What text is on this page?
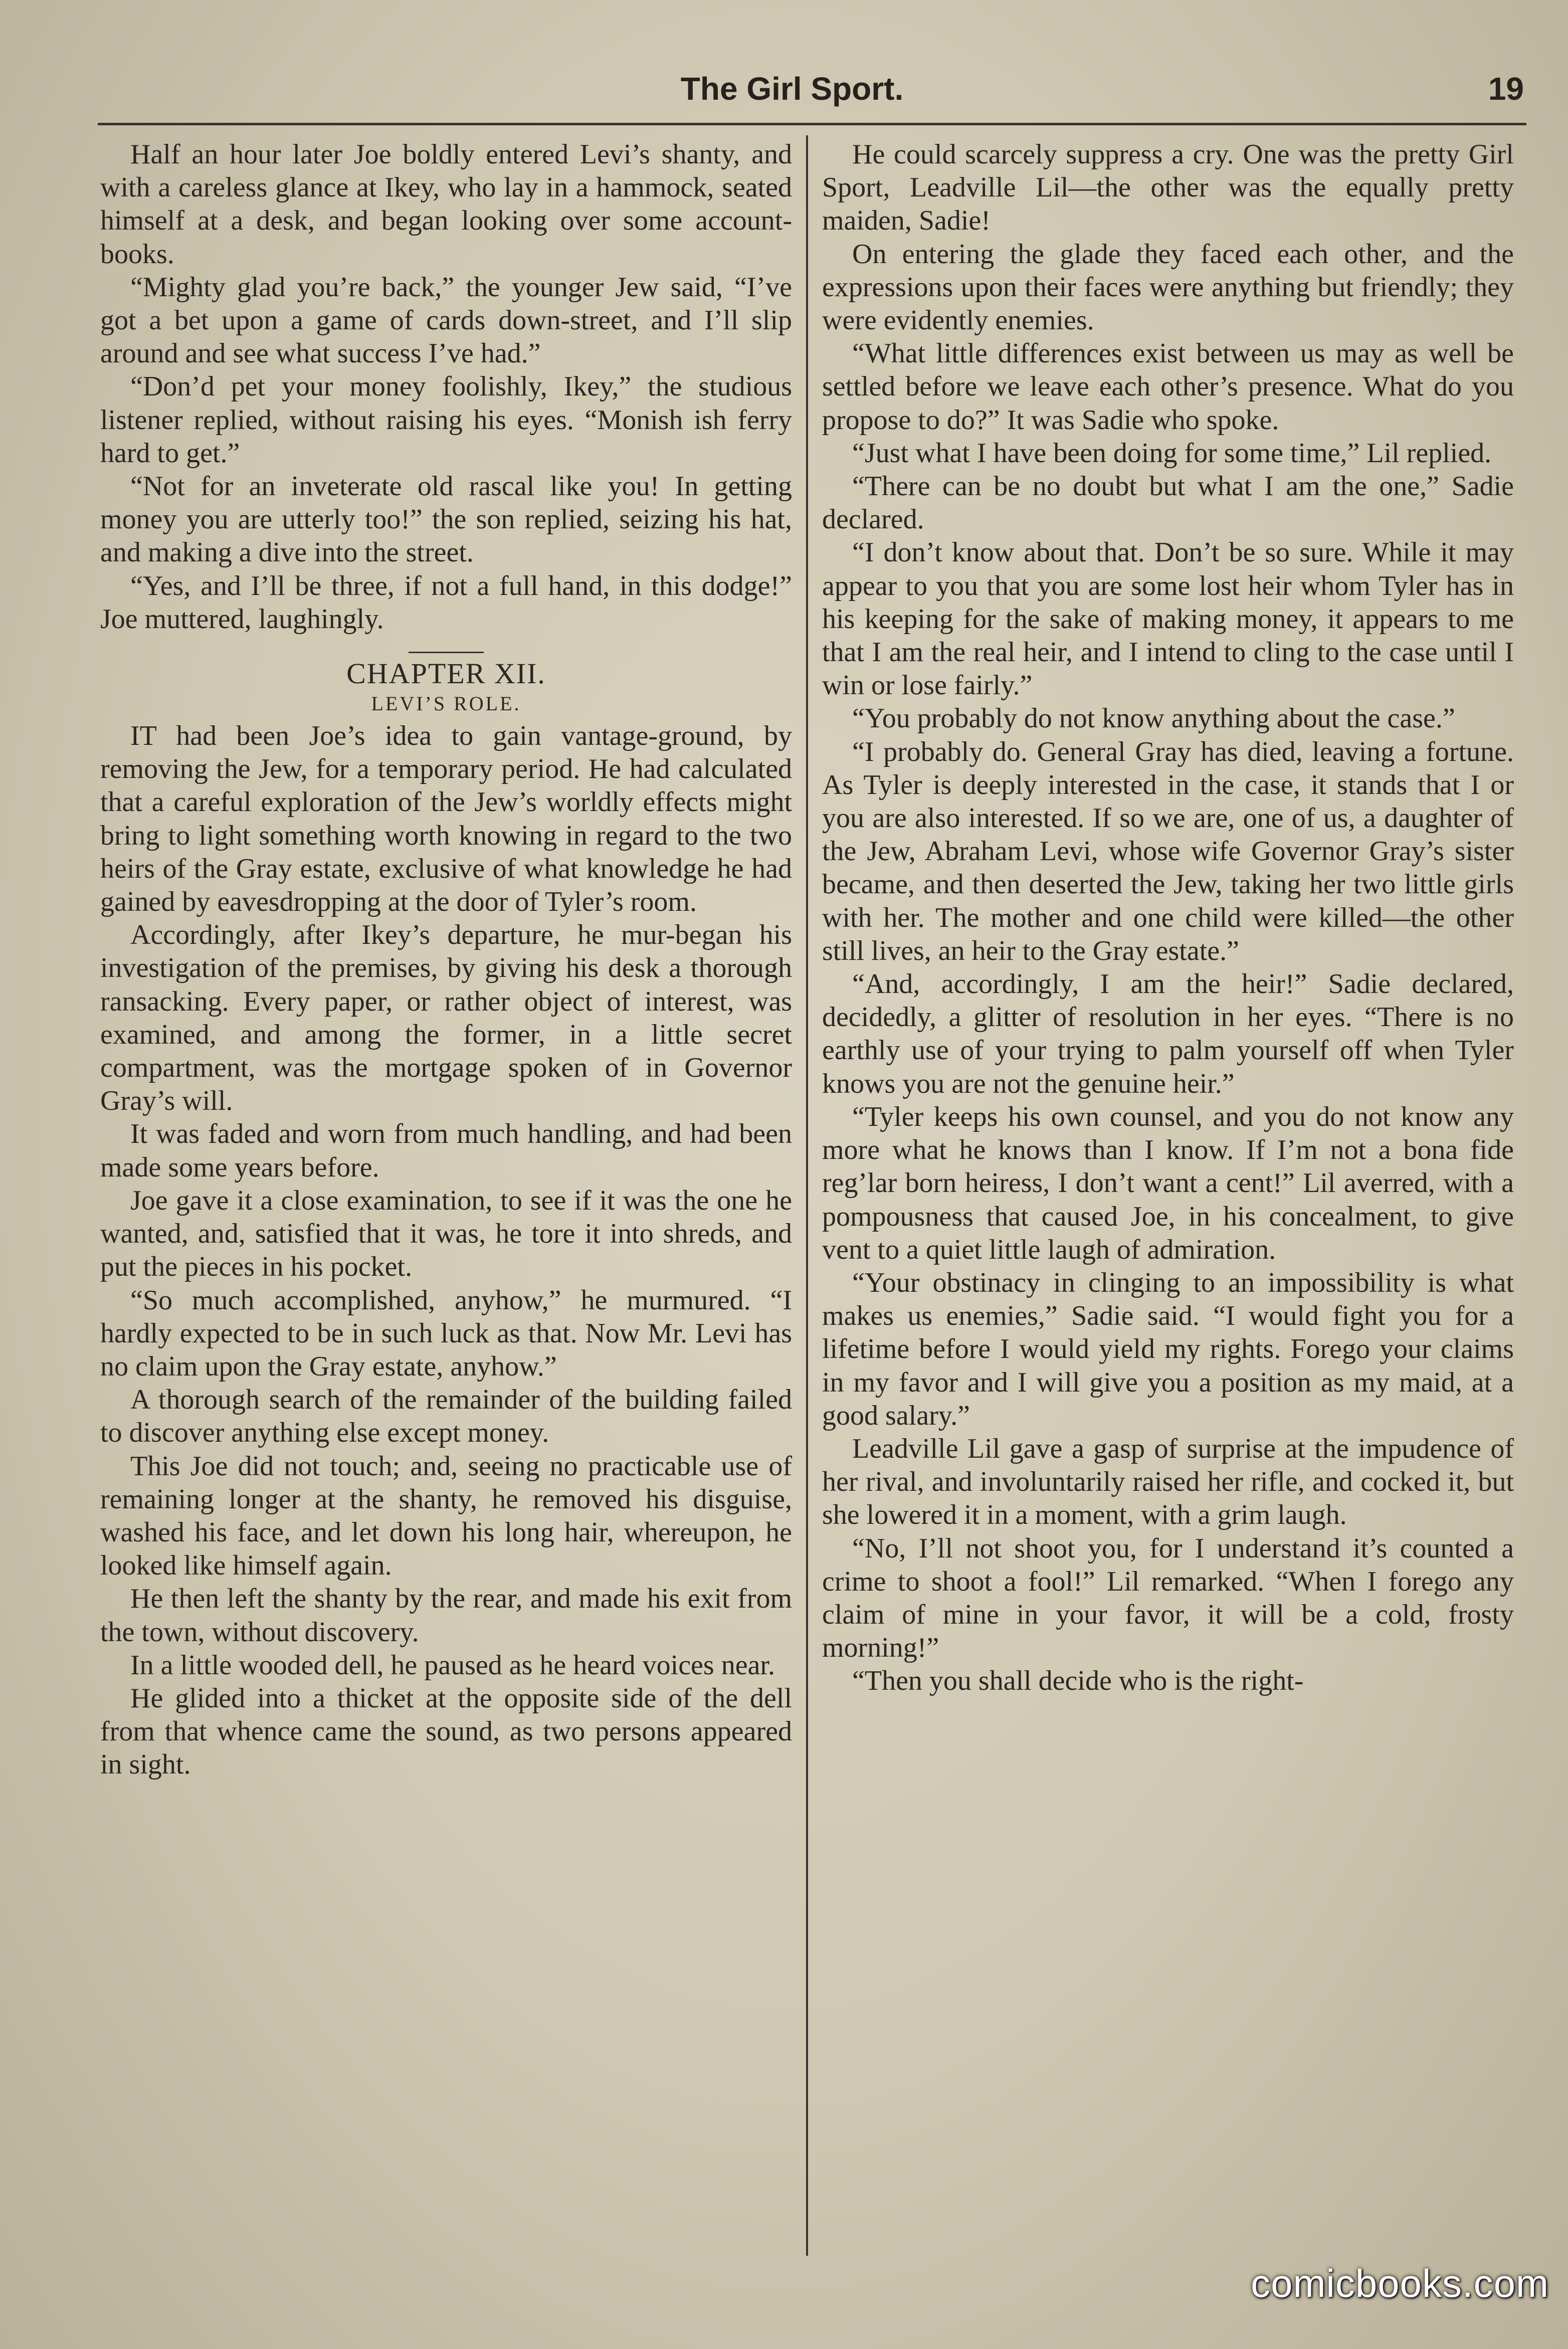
The Girl Sport.	19

Half an hour later Joe boldly entered Levi’s shanty, and with a careless glance at Ikey, who lay in a hammock, seated himself at a desk, and began looking over some account-books.

“Mighty glad you’re back,” the younger Jew said, “I’ve got a bet upon a game of cards down-street, and I’ll slip around and see what success I’ve had.”

“Don’d pet your money foolishly, Ikey,” the studious listener replied, without raising his eyes. “Monish ish ferry hard to get.”

“Not for an inveterate old rascal like you! In getting money you are utterly too!” the son replied, seizing his hat, and making a dive into the street.

“Yes, and I’ll be three, if not a full hand, in this dodge!” Joe muttered, laughingly.

CHAPTER XII.
LEVI’S ROLE.

IT had been Joe’s idea to gain vantage-ground, by removing the Jew, for a temporary period. He had calculated that a careful exploration of the Jew’s worldly effects might bring to light something worth knowing in regard to the two heirs of the Gray estate, exclusive of what knowledge he had gained by eavesdropping at the door of Tyler’s room.

Accordingly, after Ikey’s departure, he mur-began his investigation of the premises, by giving his desk a thorough ransacking. Every paper, or rather object of interest, was examined, and among the former, in a little secret compartment, was the mortgage spoken of in Governor Gray’s will.

It was faded and worn from much handling, and had been made some years before.

Joe gave it a close examination, to see if it was the one he wanted, and, satisfied that it was, he tore it into shreds, and put the pieces in his pocket.

“So much accomplished, anyhow,” he murmured. “I hardly expected to be in such luck as that. Now Mr. Levi has no claim upon the Gray estate, anyhow.”

A thorough search of the remainder of the building failed to discover anything else except money.

This Joe did not touch; and, seeing no practicable use of remaining longer at the shanty, he removed his disguise, washed his face, and let down his long hair, whereupon, he looked like himself again.

He then left the shanty by the rear, and made his exit from the town, without discovery.

In a little wooded dell, he paused as he heard voices near.

He glided into a thicket at the opposite side of the dell from that whence came the sound, as two persons appeared in sight.

He could scarcely suppress a cry. One was the pretty Girl Sport, Leadville Lil—the other was the equally pretty maiden, Sadie!

On entering the glade they faced each other, and the expressions upon their faces were anything but friendly; they were evidently enemies.

“What little differences exist between us may as well be settled before we leave each other’s presence. What do you propose to do?” It was Sadie who spoke.

“Just what I have been doing for some time,” Lil replied.

“There can be no doubt but what I am the one,” Sadie declared.

“I don’t know about that. Don’t be so sure. While it may appear to you that you are some lost heir whom Tyler has in his keeping for the sake of making money, it appears to me that I am the real heir, and I intend to cling to the case until I win or lose fairly.”

“You probably do not know anything about the case.”

“I probably do. General Gray has died, leaving a fortune. As Tyler is deeply interested in the case, it stands that I or you are also interested. If so we are, one of us, a daughter of the Jew, Abraham Levi, whose wife Governor Gray’s sister became, and then deserted the Jew, taking her two little girls with her. The mother and one child were killed—the other still lives, an heir to the Gray estate.”

“And, accordingly, I am the heir!” Sadie declared, decidedly, a glitter of resolution in her eyes. “There is no earthly use of your trying to palm yourself off when Tyler knows you are not the genuine heir.”

“Tyler keeps his own counsel, and you do not know any more what he knows than I know. If I’m not a bona fide reg’lar born heiress, I don’t want a cent!” Lil averred, with a pompousness that caused Joe, in his concealment, to give vent to a quiet little laugh of admiration.

“Your obstinacy in clinging to an impossibility is what makes us enemies,” Sadie said. “I would fight you for a lifetime before I would yield my rights. Forego your claims in my favor and I will give you a position as my maid, at a good salary.”

Leadville Lil gave a gasp of surprise at the impudence of her rival, and involuntarily raised her rifle, and cocked it, but she lowered it in a moment, with a grim laugh.

“No, I’ll not shoot you, for I understand it’s counted a crime to shoot a fool!” Lil remarked. “When I forego any claim of mine in your favor, it will be a cold, frosty morning!”

“Then you shall decide who is the right-

comicbooks.com
